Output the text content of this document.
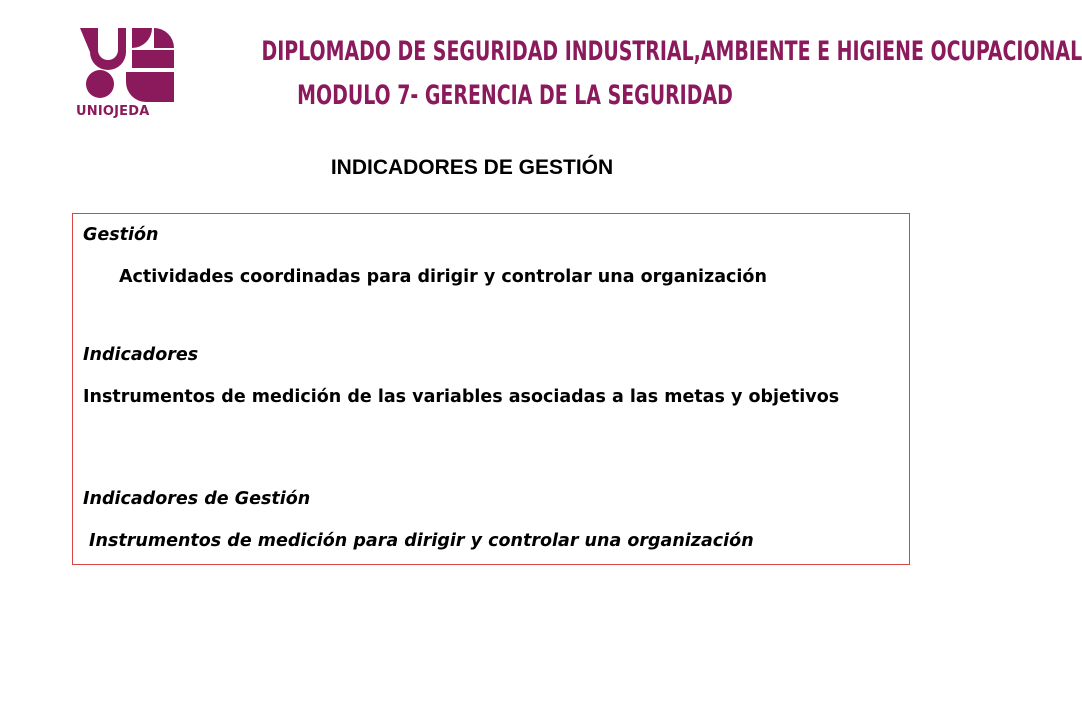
UNIOJEDA
DIPLOMADO DE SEGURIDAD INDUSTRIAL,AMBIENTE E HIGIENE OCUPACIONAL
MODULO 7- GERENCIA DE LA SEGURIDAD
INDICADORES DE GESTIÓN
Gestión
Actividades coordinadas para dirigir y controlar una organización
Indicadores
Instrumentos de medición de las variables asociadas a las metas y objetivos
Indicadores de Gestión
Instrumentos de medición para dirigir y controlar una organización
